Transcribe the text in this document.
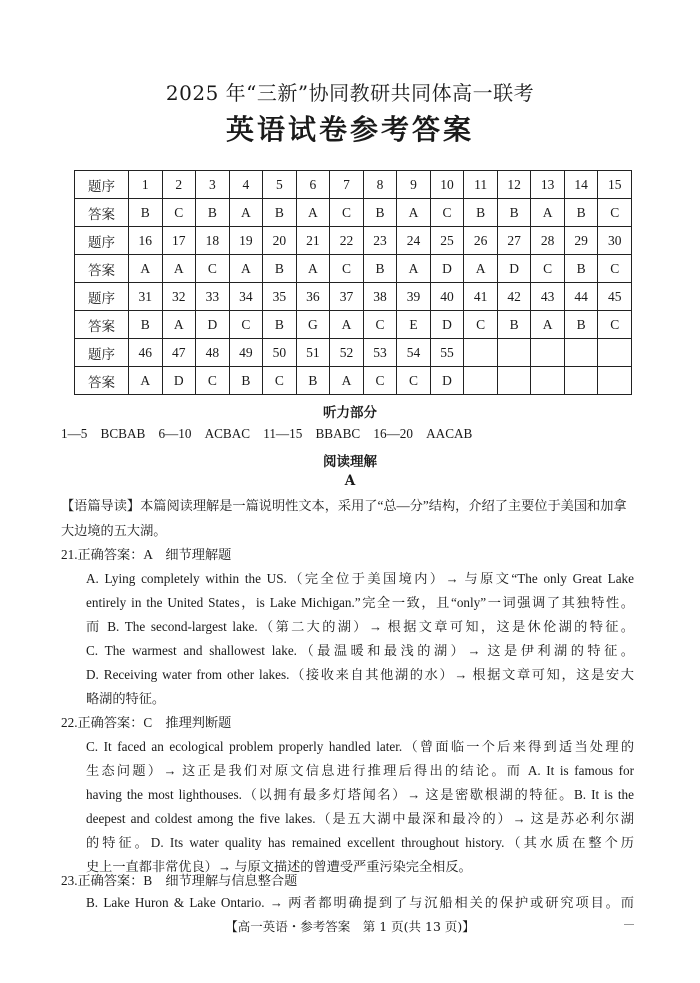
2025 年“三新”协同教研共同体高一联考
英语试卷参考答案
题序	1	2	3	4	5	6	7	8	9	10	11	12	13	14	15
答案	B	C	B	A	B	A	C	B	A	C	B	B	A	B	C
题序	16	17	18	19	20	21	22	23	24	25	26	27	28	29	30
答案	A	A	C	A	B	A	C	B	A	D	A	D	C	B	C
题序	31	32	33	34	35	36	37	38	39	40	41	42	43	44	45
答案	B	A	D	C	B	G	A	C	E	D	C	B	A	B	C
题序	46	47	48	49	50	51	52	53	54	55					
答案	A	D	C	B	C	B	A	C	C	D					
听力部分
1—5　BCBAB　6—10　ACBAC　11—15　BBABC　16—20　AACAB
阅读理解
A
【语篇导读】本篇阅读理解是一篇说明性文本，采用了“总—分”结构，介绍了主要位于美国和加拿大边境的五大湖。
21.正确答案：A　细节理解题
A. Lying completely within the US.（完全位于美国境内）→ 与原文“The only Great Lake
entirely in the United States，is Lake Michigan.”完全一致，且“only”一词强调了其独特性。
而 B. The second-largest lake.（第二大的湖）→ 根据文章可知，这是休伦湖的特征。
C. The warmest and shallowest lake.（最温暖和最浅的湖）→ 这是伊利湖的特征。
D. Receiving water from other lakes.（接收来自其他湖的水）→ 根据文章可知，这是安大
略湖的特征。
22.正确答案：C　推理判断题
C. It faced an ecological problem properly handled later.（曾面临一个后来得到适当处理的
生态问题）→ 这正是我们对原文信息进行推理后得出的结论。而 A. It is famous for
having the most lighthouses.（以拥有最多灯塔闻名）→ 这是密歇根湖的特征。B. It is the
deepest and coldest among the five lakes.（是五大湖中最深和最冷的）→ 这是苏必利尔湖
的特征。D. Its water quality has remained excellent throughout history.（其水质在整个历
史上一直都非常优良）→ 与原文描述的曾遭受严重污染完全相反。
23.正确答案：B　细节理解与信息整合题
B. Lake Huron & Lake Ontario. → 两者都明确提到了与沉船相关的保护或研究项目。而
【高一英语・参考答案　第 1 页(共 13 页)】
